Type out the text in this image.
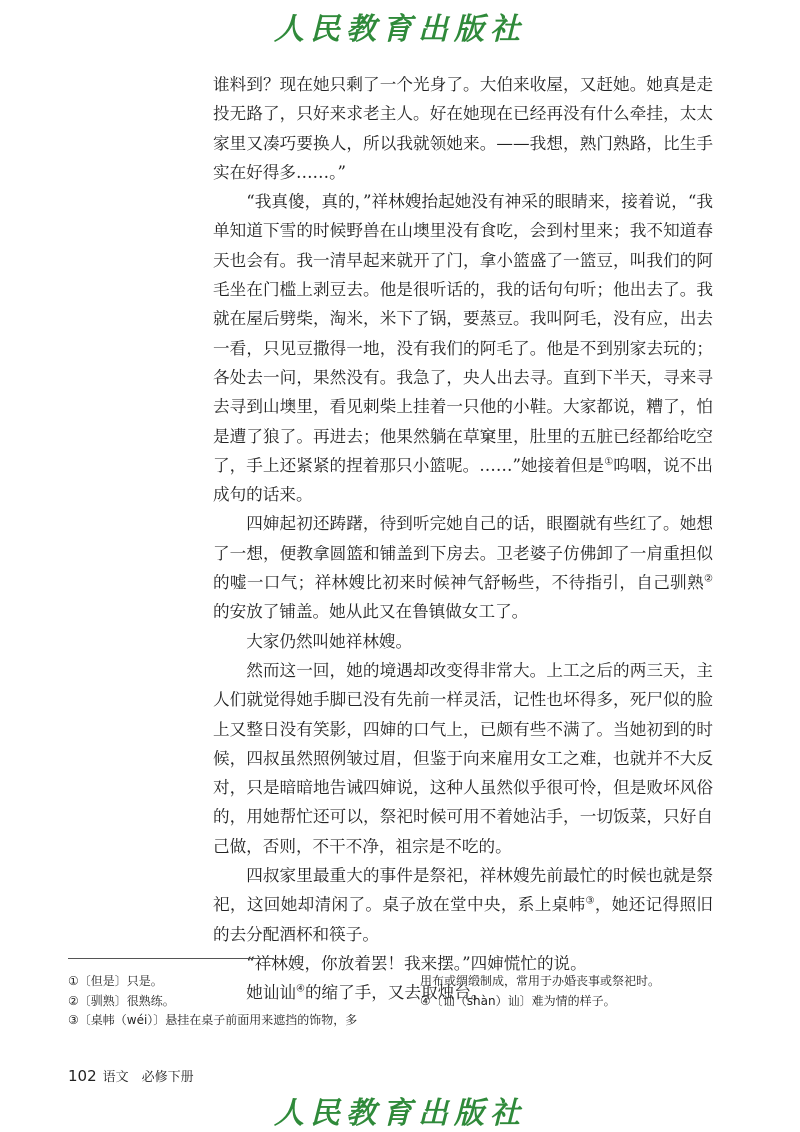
人民教育出版社

谁料到？现在她只剩了一个光身了。大伯来收屋，又赶她。她真是走投无路了，只好来求老主人。好在她现在已经再没有什么牵挂，太太家里又凑巧要换人，所以我就领她来。——我想，熟门熟路，比生手实在好得多……。”

“我真傻，真的，”祥林嫂抬起她没有神采的眼睛来，接着说，“我单知道下雪的时候野兽在山墺里没有食吃，会到村里来；我不知道春天也会有。我一清早起来就开了门，拿小篮盛了一篮豆，叫我们的阿毛坐在门槛上剥豆去。他是很听话的，我的话句句听；他出去了。我就在屋后劈柴，淘米，米下了锅，要蒸豆。我叫阿毛，没有应，出去一看，只见豆撒得一地，没有我们的阿毛了。他是不到别家去玩的；各处去一问，果然没有。我急了，央人出去寻。直到下半天，寻来寻去寻到山墺里，看见刺柴上挂着一只他的小鞋。大家都说，糟了，怕是遭了狼了。再进去；他果然躺在草窠里，肚里的五脏已经都给吃空了，手上还紧紧的捏着那只小篮呢。……”她接着但是①呜咽，说不出成句的话来。

四婶起初还踌躇，待到听完她自己的话，眼圈就有些红了。她想了一想，便教拿圆篮和铺盖到下房去。卫老婆子仿佛卸了一肩重担似的嘘一口气；祥林嫂比初来时候神气舒畅些，不待指引，自己驯熟②的安放了铺盖。她从此又在鲁镇做女工了。

大家仍然叫她祥林嫂。

然而这一回，她的境遇却改变得非常大。上工之后的两三天，主人们就觉得她手脚已没有先前一样灵活，记性也坏得多，死尸似的脸上又整日没有笑影，四婶的口气上，已颇有些不满了。当她初到的时候，四叔虽然照例皱过眉，但鉴于向来雇用女工之难，也就并不大反对，只是暗暗地告诫四婶说，这种人虽然似乎很可怜，但是败坏风俗的，用她帮忙还可以，祭祀时候可用不着她沾手，一切饭菜，只好自己做，否则，不干不净，祖宗是不吃的。

四叔家里最重大的事件是祭祀，祥林嫂先前最忙的时候也就是祭祀，这回她却清闲了。桌子放在堂中央，系上桌帏③，她还记得照旧的去分配酒杯和筷子。

“祥林嫂，你放着罢！我来摆。”四婶慌忙的说。

她讪讪④的缩了手，又去取烛台。

①〔但是〕只是。
②〔驯熟〕很熟练。
③〔桌帏（wéi）〕悬挂在桌子前面用来遮挡的饰物，多
用布或绸缎制成，常用于办婚丧事或祭祀时。
④〔讪（shàn）讪〕难为情的样子。
102 语文　必修下册
人民教育出版社
